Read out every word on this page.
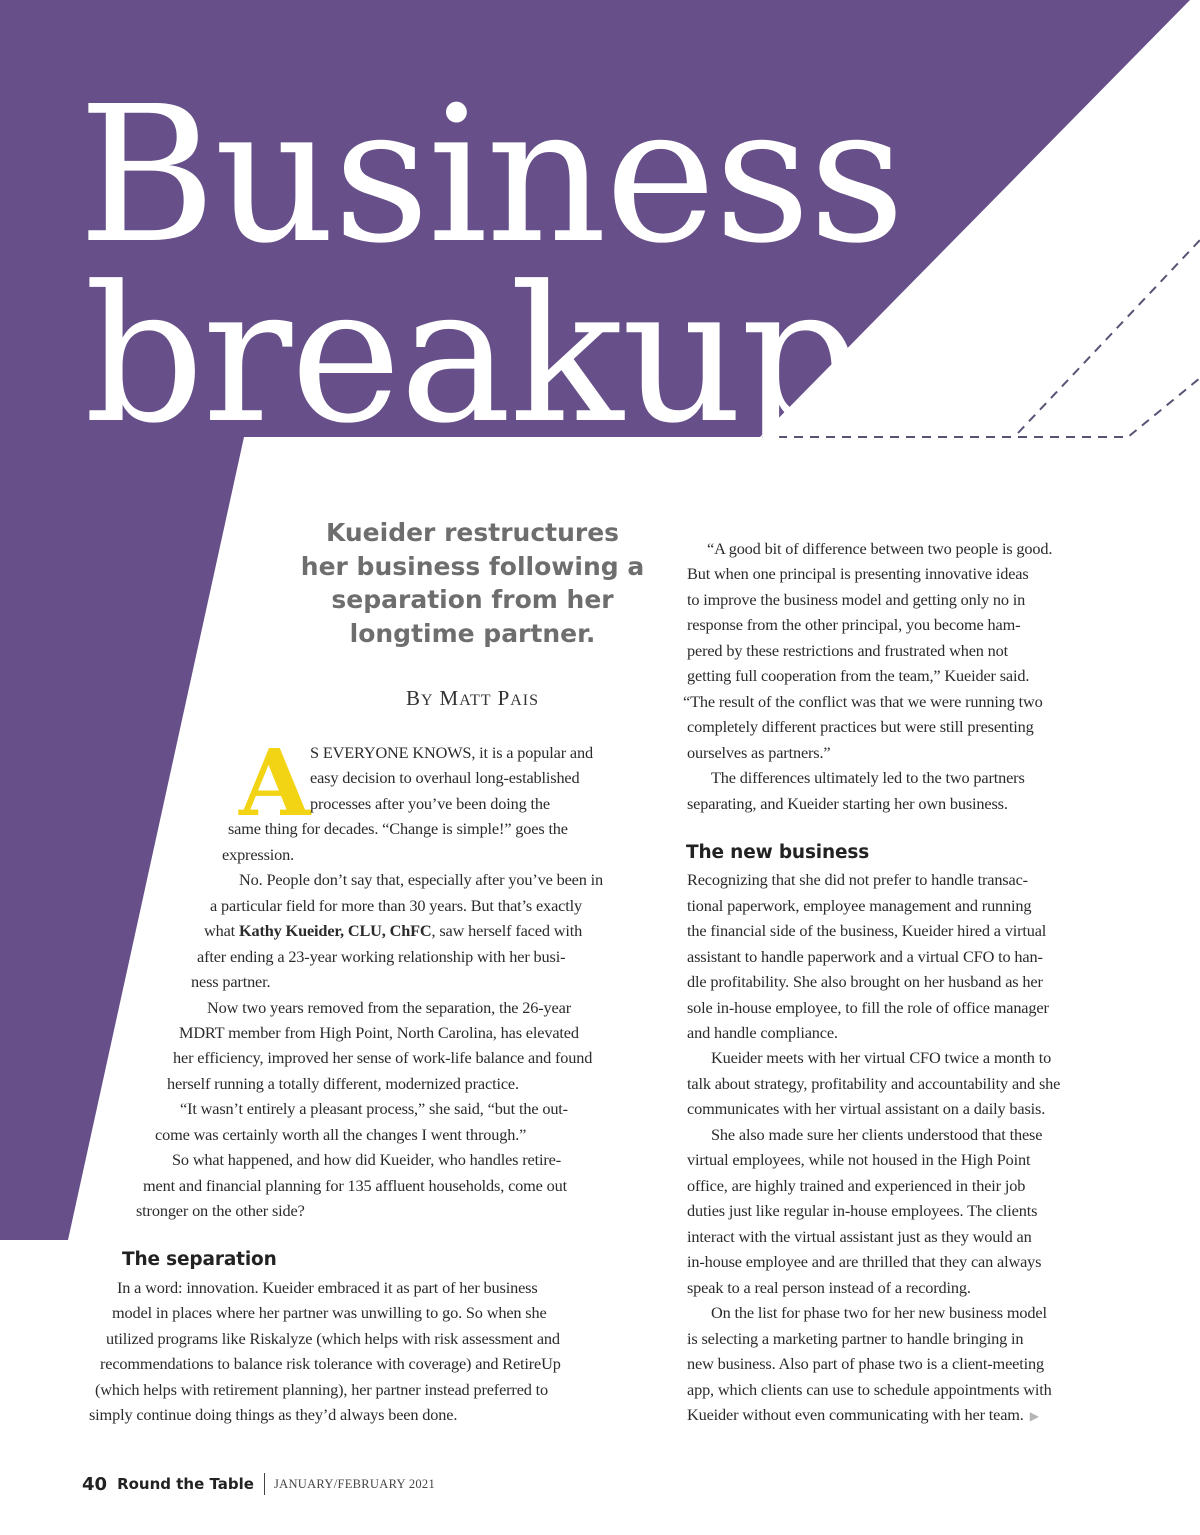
Business
breakup

Kueider restructures her business following a separation from her longtime partner.

BY MATT PAIS

A S EVERYONE KNOWS, it is a popular and

easy decision to overhaul long-established

processes after you’ve been doing the

same thing for decades. “Change is simple!” goes the

expression.

No. People don’t say that, especially after you’ve been in

a particular field for more than 30 years. But that’s exactly

what Kathy Kueider, CLU, ChFC, saw herself faced with

after ending a 23-year working relationship with her busi-

ness partner.

Now two years removed from the separation, the 26-year

MDRT member from High Point, North Carolina, has elevated

her efficiency, improved her sense of work-life balance and found

herself running a totally different, modernized practice.

“It wasn’t entirely a pleasant process,” she said, “but the out-

come was certainly worth all the changes I went through.”

So what happened, and how did Kueider, who handles retire-

ment and financial planning for 135 affluent households, come out

stronger on the other side?

The separation

In a word: innovation. Kueider embraced it as part of her business

model in places where her partner was unwilling to go. So when she

utilized programs like Riskalyze (which helps with risk assessment and

recommendations to balance risk tolerance with coverage) and RetireUp

(which helps with retirement planning), her partner instead preferred to

simply continue doing things as they’d always been done.

“A good bit of difference between two people is good.

But when one principal is presenting innovative ideas

to improve the business model and getting only no in

response from the other principal, you become ham-

pered by these restrictions and frustrated when not

getting full cooperation from the team,” Kueider said.

“The result of the conflict was that we were running two

completely different practices but were still presenting

ourselves as partners.”

The differences ultimately led to the two partners

separating, and Kueider starting her own business.

The new business

Recognizing that she did not prefer to handle transac-

tional paperwork, employee management and running

the financial side of the business, Kueider hired a virtual

assistant to handle paperwork and a virtual CFO to han-

dle profitability. She also brought on her husband as her

sole in-house employee, to fill the role of office manager

and handle compliance.

Kueider meets with her virtual CFO twice a month to

talk about strategy, profitability and accountability and she

communicates with her virtual assistant on a daily basis.

She also made sure her clients understood that these

virtual employees, while not housed in the High Point

office, are highly trained and experienced in their job

duties just like regular in-house employees. The clients

interact with the virtual assistant just as they would an

in-house employee and are thrilled that they can always

speak to a real person instead of a recording.

On the list for phase two for her new business model

is selecting a marketing partner to handle bringing in

new business. Also part of phase two is a client-meeting

app, which clients can use to schedule appointments with

Kueider without even communicating with her team. ▶

40 Round the Table JANUARY/FEBRUARY 2021
